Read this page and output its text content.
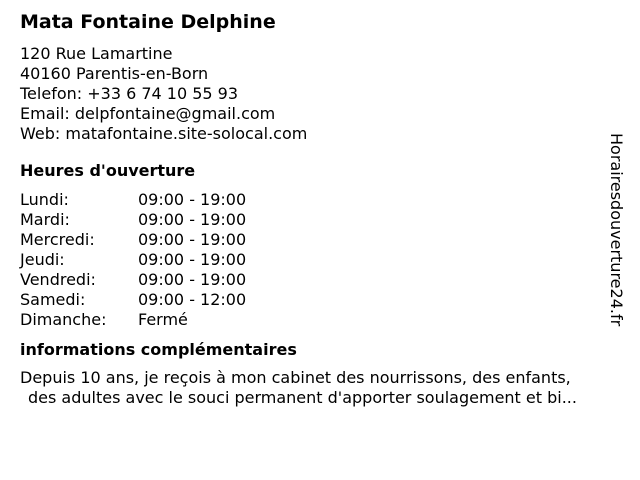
Mata Fontaine Delphine
120 Rue Lamartine
40160 Parentis-en-Born
Telefon: +33 6 74 10 55 93
Email: delpfontaine@gmail.com
Web: matafontaine.site-solocal.com
Heures d'ouverture
Lundi:	09:00 - 19:00
Mardi:	09:00 - 19:00
Mercredi:	09:00 - 19:00
Jeudi:	09:00 - 19:00
Vendredi:	09:00 - 19:00
Samedi:	09:00 - 12:00
Dimanche:	Fermé
informations complémentaires
Depuis 10 ans, je reçois à mon cabinet des nourrissons, des enfants,
des adultes avec le souci permanent d'apporter soulagement et bi...
Horairesdouverture24.fr
